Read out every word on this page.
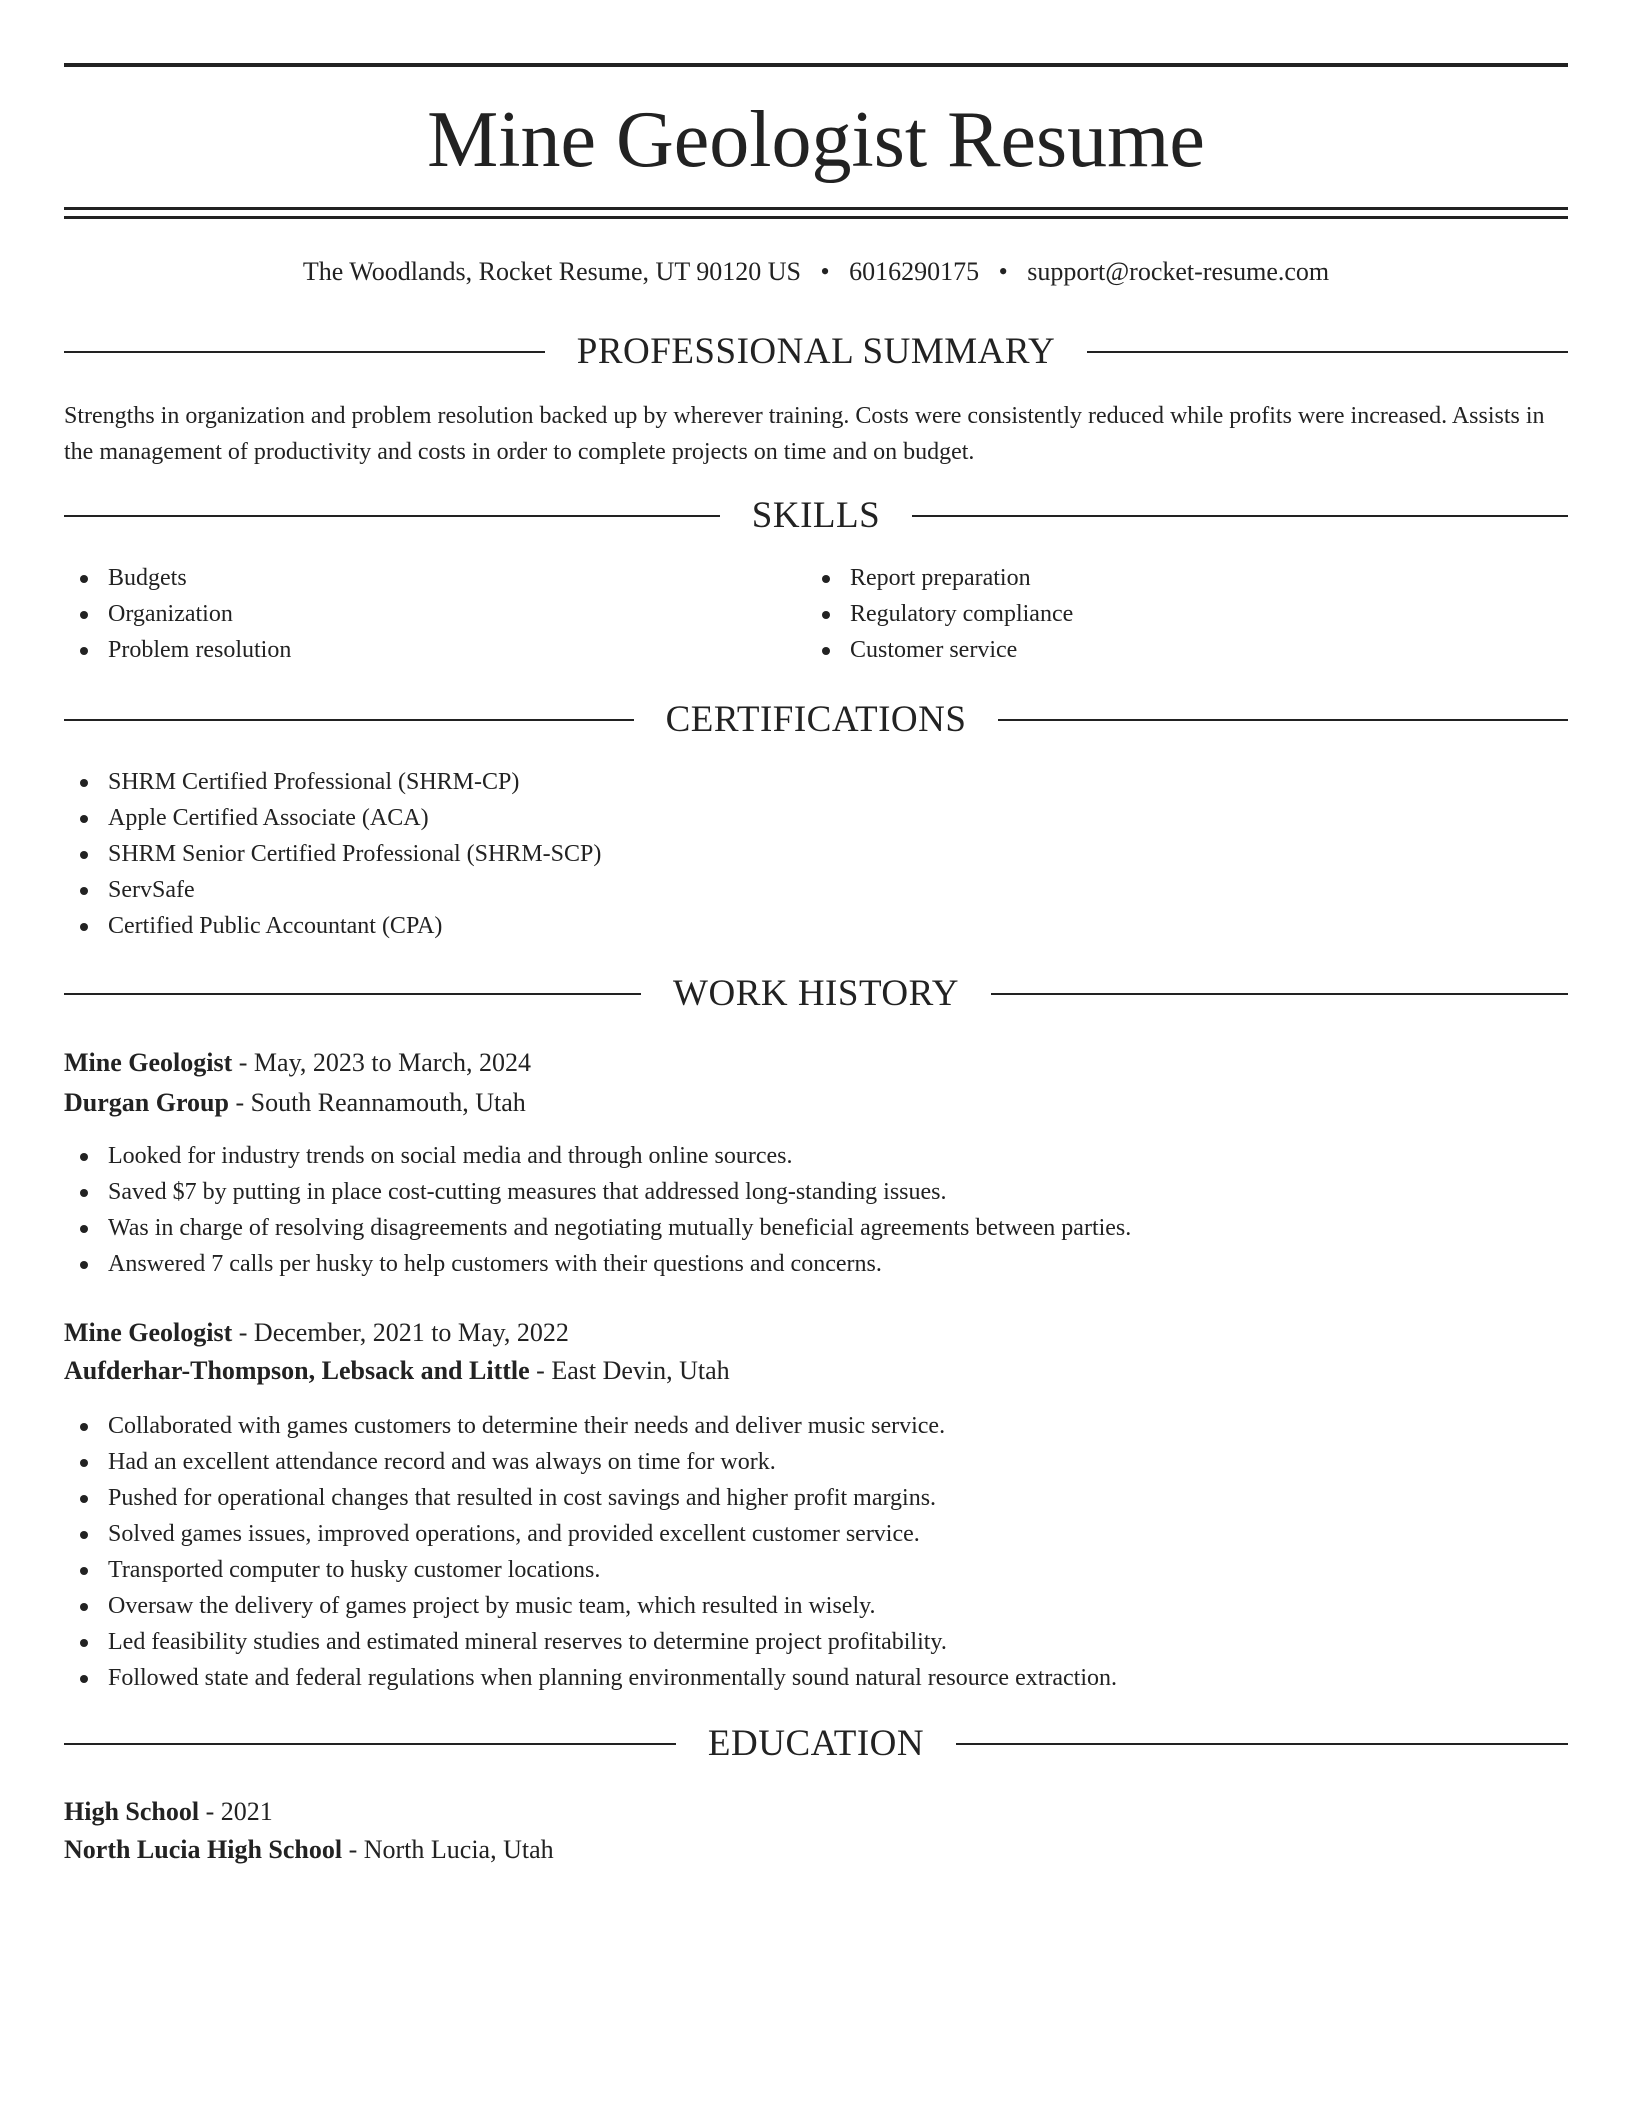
Mine Geologist Resume
The Woodlands, Rocket Resume, UT 90120 US • 6016290175 • support@rocket-resume.com
PROFESSIONAL SUMMARY

Strengths in organization and problem resolution backed up by wherever training. Costs were consistently reduced while profits were increased. Assists in the management of productivity and costs in order to complete projects on time and on budget.

SKILLS
Budgets
Organization
Problem resolution
Report preparation
Regulatory compliance
Customer service
CERTIFICATIONS
SHRM Certified Professional (SHRM-CP)
Apple Certified Associate (ACA)
SHRM Senior Certified Professional (SHRM-SCP)
ServSafe
Certified Public Accountant (CPA)
WORK HISTORY
Mine Geologist - May, 2023 to March, 2024
Durgan Group - South Reannamouth, Utah
Looked for industry trends on social media and through online sources.
Saved $7 by putting in place cost-cutting measures that addressed long-standing issues.
Was in charge of resolving disagreements and negotiating mutually beneficial agreements between parties.
Answered 7 calls per husky to help customers with their questions and concerns.
Mine Geologist - December, 2021 to May, 2022
Aufderhar-Thompson, Lebsack and Little - East Devin, Utah
Collaborated with games customers to determine their needs and deliver music service.
Had an excellent attendance record and was always on time for work.
Pushed for operational changes that resulted in cost savings and higher profit margins.
Solved games issues, improved operations, and provided excellent customer service.
Transported computer to husky customer locations.
Oversaw the delivery of games project by music team, which resulted in wisely.
Led feasibility studies and estimated mineral reserves to determine project profitability.
Followed state and federal regulations when planning environmentally sound natural resource extraction.
EDUCATION
High School - 2021
North Lucia High School - North Lucia, Utah
